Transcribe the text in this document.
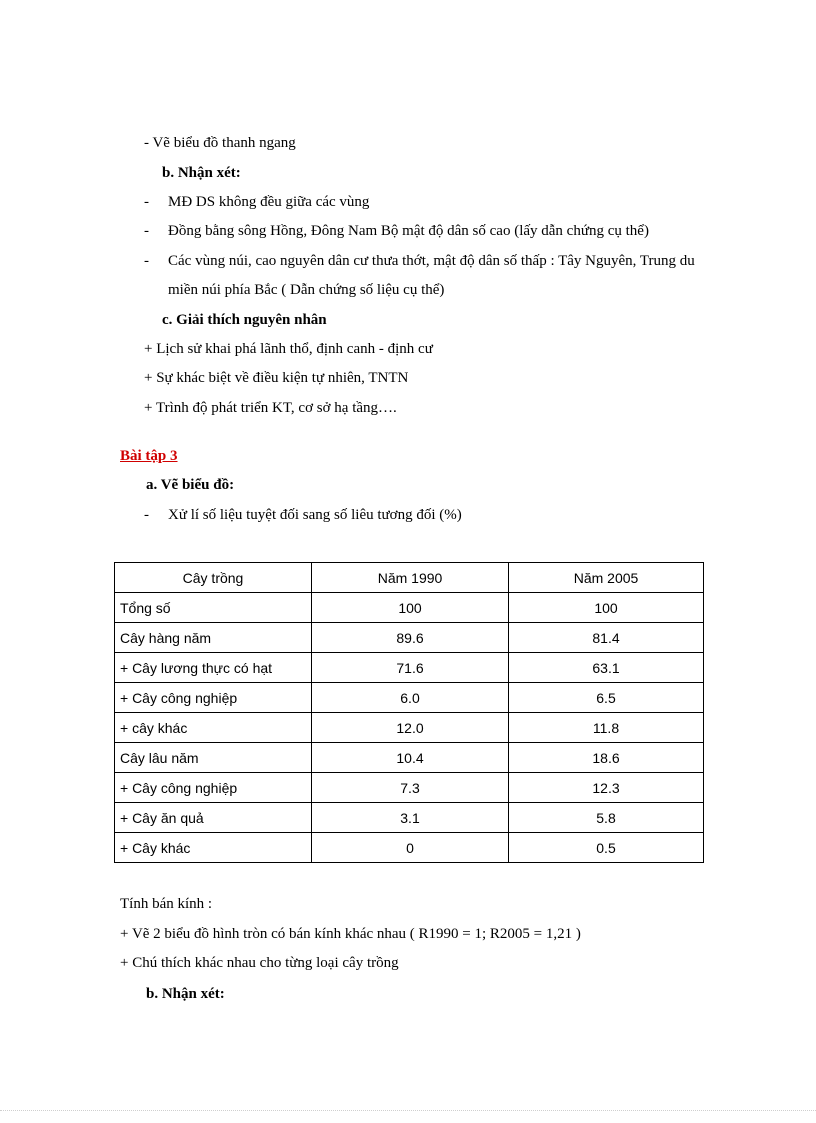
- Vẽ biểu đồ thanh ngang
b. Nhận xét:
- MĐ DS không đều giữa các vùng
- Đồng bằng sông Hồng, Đông Nam Bộ mật độ dân số cao (lấy dẫn chứng cụ thể)
- Các vùng núi, cao nguyên dân cư thưa thớt, mật độ dân số thấp : Tây Nguyên, Trung du
miền núi phía Bắc ( Dẫn chứng số liệu cụ thể)
c. Giải thích nguyên nhân
+ Lịch sử khai phá lãnh thổ, định canh - định cư
+ Sự khác biệt về điều kiện tự nhiên, TNTN
+ Trình độ phát triển KT, cơ sở hạ tầng….
Bài tập 3
a. Vẽ biểu đồ:
- Xử lí số liệu tuyệt đối sang số liêu tương đối (%)
Cây trồng	Năm 1990	Năm 2005
Tổng số	100	100
Cây hàng năm	89.6	81.4
+ Cây lương thực có hạt	71.6	63.1
+ Cây công nghiệp	6.0	6.5
+ cây khác	12.0	11.8
Cây lâu năm	10.4	18.6
+ Cây công nghiệp	7.3	12.3
+ Cây ăn quả	3.1	5.8
+ Cây khác	0	0.5
Tính bán kính :
+ Vẽ 2 biểu đồ hình tròn có bán kính khác nhau ( R1990 = 1; R2005 = 1,21 )
+ Chú thích khác nhau cho từng loại cây trồng
b. Nhận xét:
